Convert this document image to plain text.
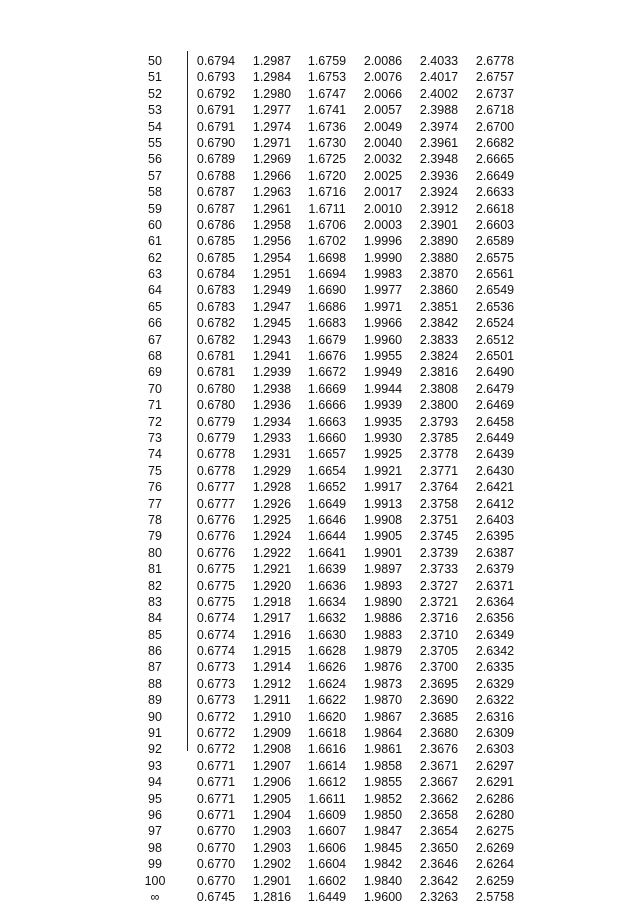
50	0.6794	1.2987	1.6759	2.0086	2.4033	2.6778
51	0.6793	1.2984	1.6753	2.0076	2.4017	2.6757
52	0.6792	1.2980	1.6747	2.0066	2.4002	2.6737
53	0.6791	1.2977	1.6741	2.0057	2.3988	2.6718
54	0.6791	1.2974	1.6736	2.0049	2.3974	2.6700
55	0.6790	1.2971	1.6730	2.0040	2.3961	2.6682
56	0.6789	1.2969	1.6725	2.0032	2.3948	2.6665
57	0.6788	1.2966	1.6720	2.0025	2.3936	2.6649
58	0.6787	1.2963	1.6716	2.0017	2.3924	2.6633
59	0.6787	1.2961	1.6711	2.0010	2.3912	2.6618
60	0.6786	1.2958	1.6706	2.0003	2.3901	2.6603
61	0.6785	1.2956	1.6702	1.9996	2.3890	2.6589
62	0.6785	1.2954	1.6698	1.9990	2.3880	2.6575
63	0.6784	1.2951	1.6694	1.9983	2.3870	2.6561
64	0.6783	1.2949	1.6690	1.9977	2.3860	2.6549
65	0.6783	1.2947	1.6686	1.9971	2.3851	2.6536
66	0.6782	1.2945	1.6683	1.9966	2.3842	2.6524
67	0.6782	1.2943	1.6679	1.9960	2.3833	2.6512
68	0.6781	1.2941	1.6676	1.9955	2.3824	2.6501
69	0.6781	1.2939	1.6672	1.9949	2.3816	2.6490
70	0.6780	1.2938	1.6669	1.9944	2.3808	2.6479
71	0.6780	1.2936	1.6666	1.9939	2.3800	2.6469
72	0.6779	1.2934	1.6663	1.9935	2.3793	2.6458
73	0.6779	1.2933	1.6660	1.9930	2.3785	2.6449
74	0.6778	1.2931	1.6657	1.9925	2.3778	2.6439
75	0.6778	1.2929	1.6654	1.9921	2.3771	2.6430
76	0.6777	1.2928	1.6652	1.9917	2.3764	2.6421
77	0.6777	1.2926	1.6649	1.9913	2.3758	2.6412
78	0.6776	1.2925	1.6646	1.9908	2.3751	2.6403
79	0.6776	1.2924	1.6644	1.9905	2.3745	2.6395
80	0.6776	1.2922	1.6641	1.9901	2.3739	2.6387
81	0.6775	1.2921	1.6639	1.9897	2.3733	2.6379
82	0.6775	1.2920	1.6636	1.9893	2.3727	2.6371
83	0.6775	1.2918	1.6634	1.9890	2.3721	2.6364
84	0.6774	1.2917	1.6632	1.9886	2.3716	2.6356
85	0.6774	1.2916	1.6630	1.9883	2.3710	2.6349
86	0.6774	1.2915	1.6628	1.9879	2.3705	2.6342
87	0.6773	1.2914	1.6626	1.9876	2.3700	2.6335
88	0.6773	1.2912	1.6624	1.9873	2.3695	2.6329
89	0.6773	1.2911	1.6622	1.9870	2.3690	2.6322
90	0.6772	1.2910	1.6620	1.9867	2.3685	2.6316
91	0.6772	1.2909	1.6618	1.9864	2.3680	2.6309
92	0.6772	1.2908	1.6616	1.9861	2.3676	2.6303
93	0.6771	1.2907	1.6614	1.9858	2.3671	2.6297
94	0.6771	1.2906	1.6612	1.9855	2.3667	2.6291
95	0.6771	1.2905	1.6611	1.9852	2.3662	2.6286
96	0.6771	1.2904	1.6609	1.9850	2.3658	2.6280
97	0.6770	1.2903	1.6607	1.9847	2.3654	2.6275
98	0.6770	1.2903	1.6606	1.9845	2.3650	2.6269
99	0.6770	1.2902	1.6604	1.9842	2.3646	2.6264
100	0.6770	1.2901	1.6602	1.9840	2.3642	2.6259
∞	0.6745	1.2816	1.6449	1.9600	2.3263	2.5758
